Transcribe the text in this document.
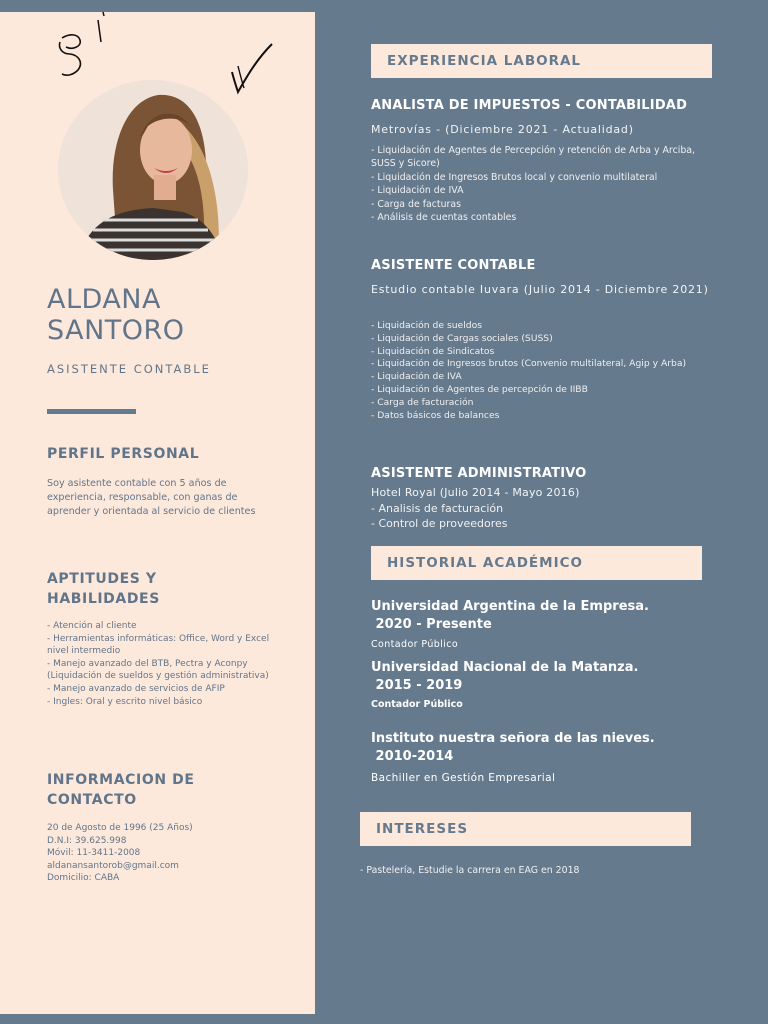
ALDANA
SANTORO
ASISTENTE CONTABLE
PERFIL PERSONAL
Soy asistente contable con 5 años de experiencia, responsable, con ganas de aprender y orientada al servicio de clientes
APTITUDES Y HABILIDADES
- Atención al cliente
- Herramientas informáticas: Office, Word y Excel nivel intermedio
- Manejo avanzado del BTB, Pectra y Aconpy (Liquidación de sueldos y gestión administrativa)
- Manejo avanzado de servicios de AFIP
- Ingles: Oral y escrito nivel básico
INFORMACION DE CONTACTO
20 de Agosto de 1996 (25 Años)
D.N.I: 39.625.998
Móvil: 11-3411-2008
aldanansantorob@gmail.com
Domicilio: CABA
EXPERIENCIA LABORAL
ANALISTA DE IMPUESTOS - CONTABILIDAD
Metrovías - (Diciembre 2021 - Actualidad)
- Liquidación de Agentes de Percepción y retención de Arba y Arciba, SUSS y Sicore)
- Liquidación de Ingresos Brutos local y convenio multilateral
- Liquidación de IVA
- Carga de facturas
- Análisis de cuentas contables
ASISTENTE CONTABLE
Estudio contable Iuvara (Julio 2014 - Diciembre 2021)
- Liquidación de sueldos
- Liquidación de Cargas sociales (SUSS)
- Liquidación de Sindicatos
- Liquidación de Ingresos brutos (Convenio multilateral, Agip y Arba)
- Liquidación de IVA
- Liquidación de Agentes de percepción de IIBB
- Carga de facturación
- Datos básicos de balances
ASISTENTE ADMINISTRATIVO
Hotel Royal (Julio 2014 - Mayo 2016)
- Analisis de facturación
- Control de proveedores
HISTORIAL ACADÉMICO
Universidad Argentina de la Empresa.
2020 - Presente
Contador Público
Universidad Nacional de la Matanza.
2015 - 2019
Contador Público
Instituto nuestra señora de las nieves.
2010-2014
Bachiller en Gestión Empresarial
INTERESES
- Pastelería, Estudie la carrera en EAG en 2018
